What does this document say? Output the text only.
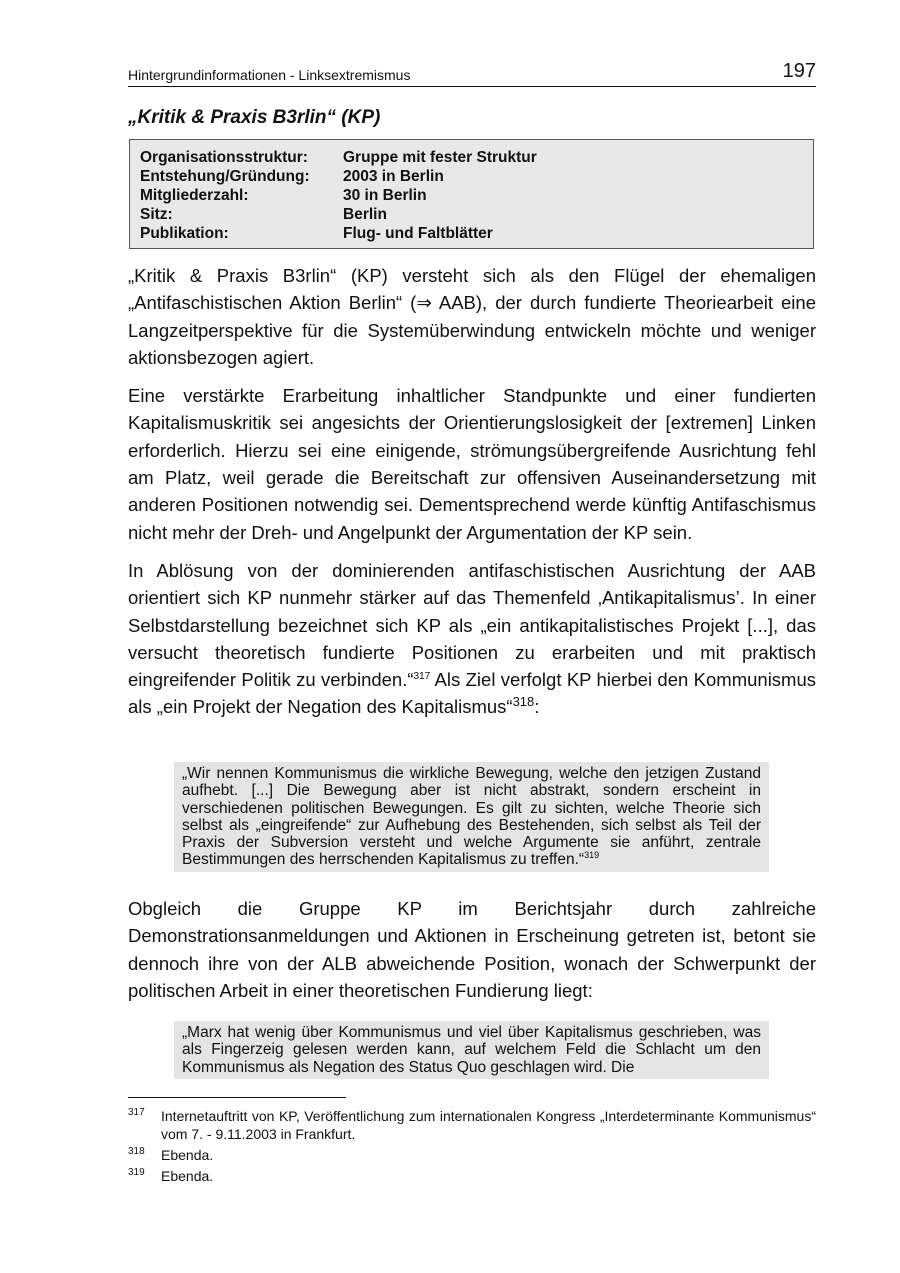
Hintergrundinformationen - Linksextremismus	197
„Kritik & Praxis B3rlin“ (KP)
Organisationsstruktur:	Gruppe mit fester Struktur
Entstehung/Gründung:	2003 in Berlin
Mitgliederzahl:	30 in Berlin
Sitz:	Berlin
Publikation:	Flug- und Faltblätter

„Kritik & Praxis B3rlin“ (KP) versteht sich als den Flügel der ehemaligen „Antifaschistischen Aktion Berlin“ (⇒ AAB), der durch fundierte Theoriearbeit eine Langzeitperspektive für die Systemüberwindung entwickeln möchte und weniger aktionsbezogen agiert.

Eine verstärkte Erarbeitung inhaltlicher Standpunkte und einer fundierten Kapitalismuskritik sei angesichts der Orientierungslosigkeit der [extremen] Linken erforderlich. Hierzu sei eine einigende, strömungsübergreifende Ausrichtung fehl am Platz, weil gerade die Bereitschaft zur offensiven Auseinandersetzung mit anderen Positionen notwendig sei. Dementsprechend werde künftig Antifaschismus nicht mehr der Dreh- und Angelpunkt der Argumentation der KP sein.

In Ablösung von der dominierenden antifaschistischen Ausrichtung der AAB orientiert sich KP nunmehr stärker auf das Themenfeld ‚Antikapitalismus’. In einer Selbstdarstellung bezeichnet sich KP als „ein antikapitalistisches Projekt [...], das versucht theoretisch fundierte Positionen zu erarbeiten und mit praktisch eingreifender Politik zu verbinden.“$^{317}$ Als Ziel verfolgt KP hierbei den Kommunismus als „ein Projekt der Negation des Kapitalismus“$^{318}$:

„Wir nennen Kommunismus die wirkliche Bewegung, welche den jetzigen Zustand aufhebt. [...] Die Bewegung aber ist nicht abstrakt, sondern erscheint in verschiedenen politischen Bewegungen. Es gilt zu sichten, welche Theorie sich selbst als „eingreifende“ zur Aufhebung des Bestehenden, sich selbst als Teil der Praxis der Subversion versteht und welche Argumente sie anführt, zentrale Bestimmungen des herrschenden Kapitalismus zu treffen.“$^{319}$

Obgleich die Gruppe KP im Berichtsjahr durch zahlreiche Demonstrationsanmeldungen und Aktionen in Erscheinung getreten ist, betont sie dennoch ihre von der ALB abweichende Position, wonach der Schwerpunkt der politischen Arbeit in einer theoretischen Fundierung liegt:

„Marx hat wenig über Kommunismus und viel über Kapitalismus geschrieben, was als Fingerzeig gelesen werden kann, auf welchem Feld die Schlacht um den Kommunismus als Negation des Status Quo geschlagen wird. Die
317	Internetauftritt von KP, Veröffentlichung zum internationalen Kongress „Interdeterminante Kommunismus“ vom 7. - 9.11.2003 in Frankfurt.
318	Ebenda.
319	Ebenda.
